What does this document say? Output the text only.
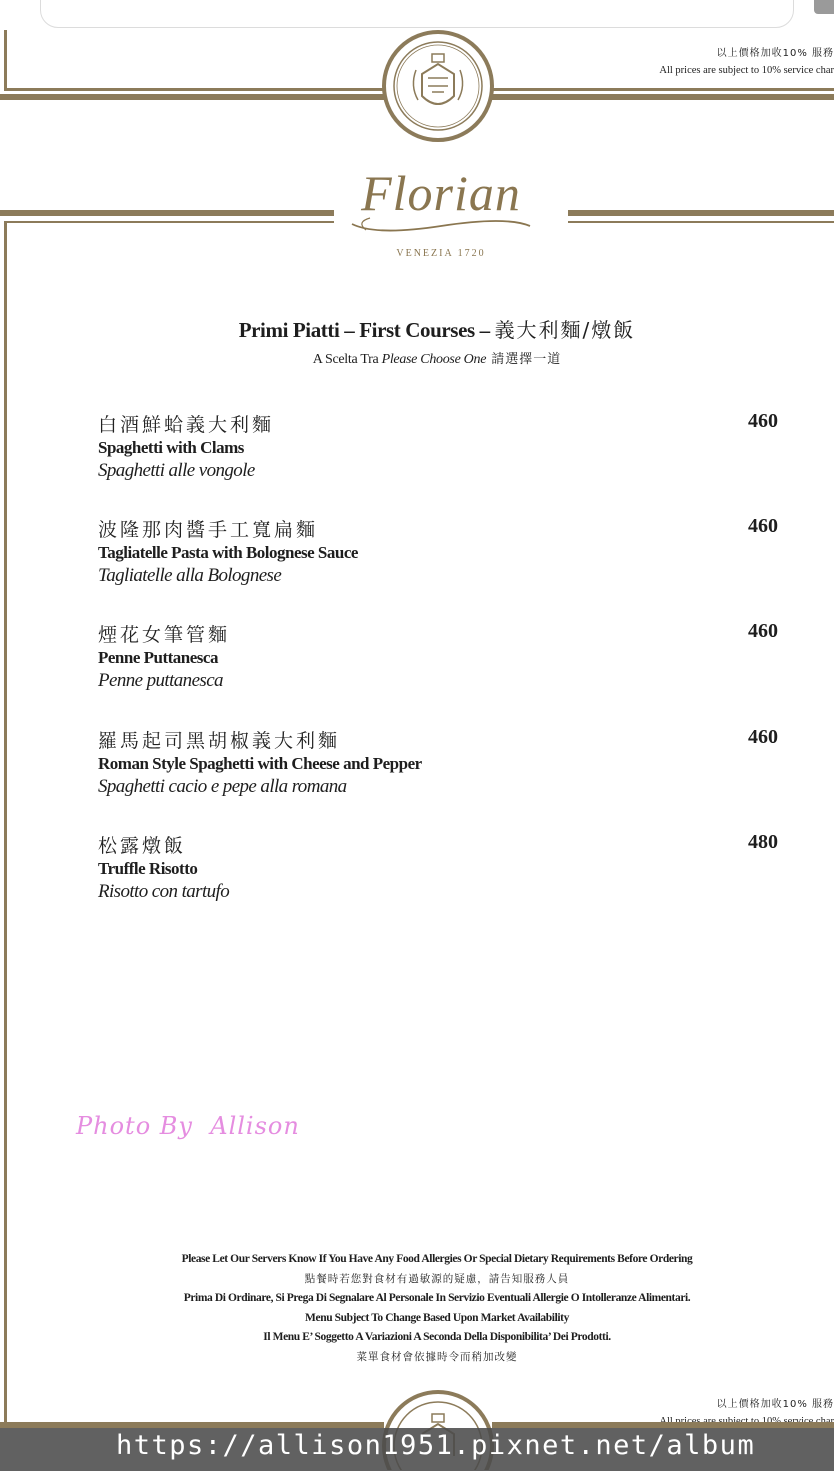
以上價格加收10% 服務
All prices are subject to 10% service char
Florian
VENEZIA 1720
Primi Piatti – First Courses – 義大利麵/燉飯
A Scelta Tra Please Choose One 請選擇一道
白酒鮮蛤義大利麵
Spaghetti with Clams
Spaghetti alle vongole
460
波隆那肉醬手工寬扁麵
Tagliatelle Pasta with Bolognese Sauce
Tagliatelle alla Bolognese
460
煙花女筆管麵
Penne Puttanesca
Penne puttanesca
460
羅馬起司黑胡椒義大利麵
Roman Style Spaghetti with Cheese and Pepper
Spaghetti cacio e pepe alla romana
460
松露燉飯
Truffle Risotto
Risotto con tartufo
480
Photo By  Allison
Please Let Our Servers Know If You Have Any Food Allergies Or Special Dietary Requirements Before Ordering
點餐時若您對食材有過敏源的疑慮，請告知服務人員
Prima Di Ordinare, Si Prega Di Segnalare Al Personale In Servizio Eventuali Allergie O Intolleranze Alimentari.
Menu Subject To Change Based Upon Market Availability
Il Menu E’ Soggetto A Variazioni A Seconda Della Disponibilita’ Dei Prodotti.
菜單食材會依據時令而稍加改變
以上價格加收10% 服務
https://allison1951.pixnet.net/album
